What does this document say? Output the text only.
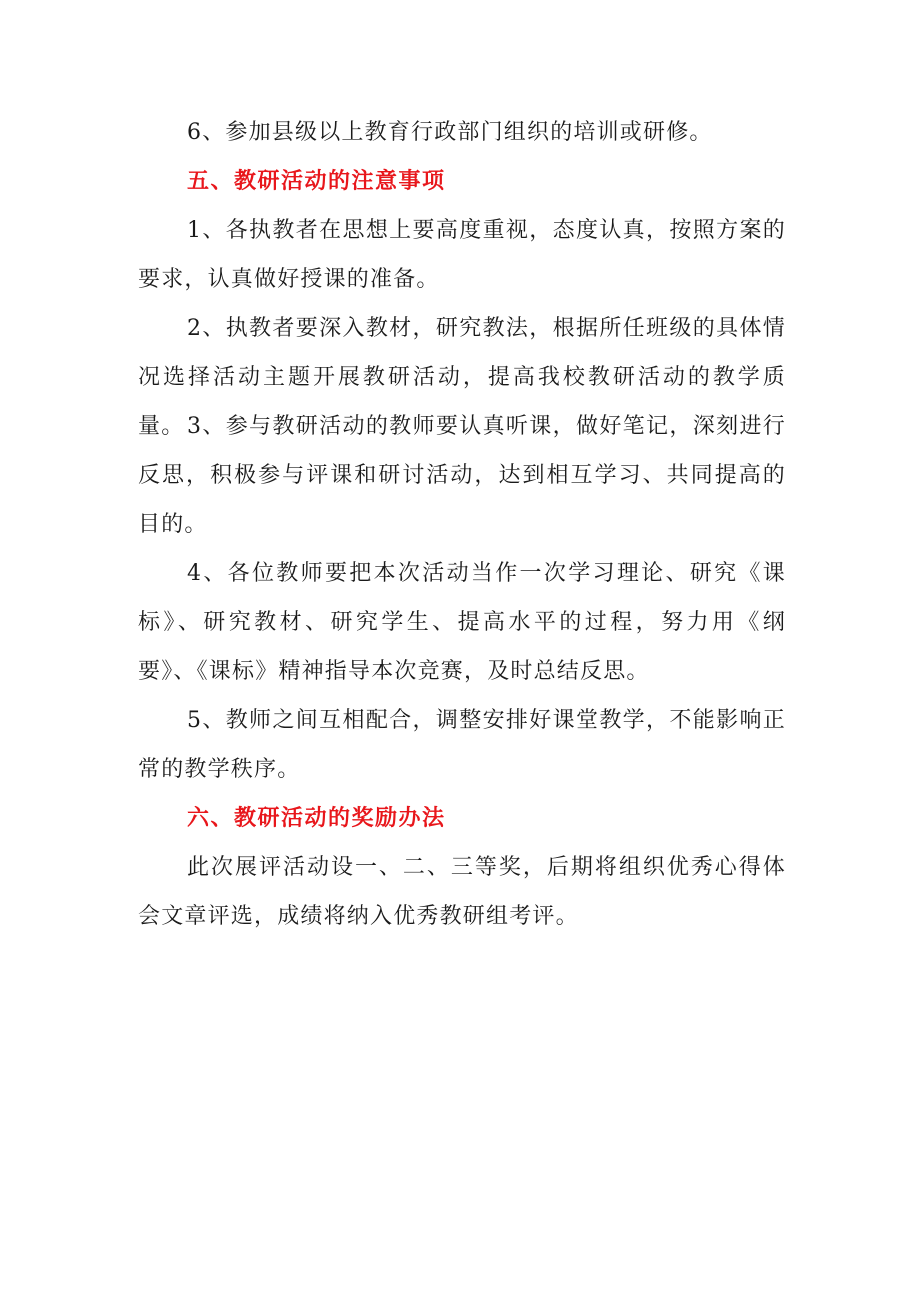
6、参加县级以上教育行政部门组织的培训或研修。

五、教研活动的注意事项

1、各执教者在思想上要高度重视，态度认真，按照方案的要求，认真做好授课的准备。

2、执教者要深入教材，研究教法，根据所任班级的具体情况选择活动主题开展教研活动，提高我校教研活动的教学质量。 3、参与教研活动的教师要认真听课，做好笔记，深刻进行反思，积极参与评课和研讨活动，达到相互学习、共同提高的目的。

4、各位教师要把本次活动当作一次学习理论、研究《课标》、研究教材、研究学生、提高水平的过程，努力用《纲要》、《课标》精神指导本次竞赛，及时总结反思。

5、教师之间互相配合，调整安排好课堂教学，不能影响正常的教学秩序。

六、教研活动的奖励办法

此次展评活动设一、二、三等奖，后期将组织优秀心得体会文章评选，成绩将纳入优秀教研组考评。
